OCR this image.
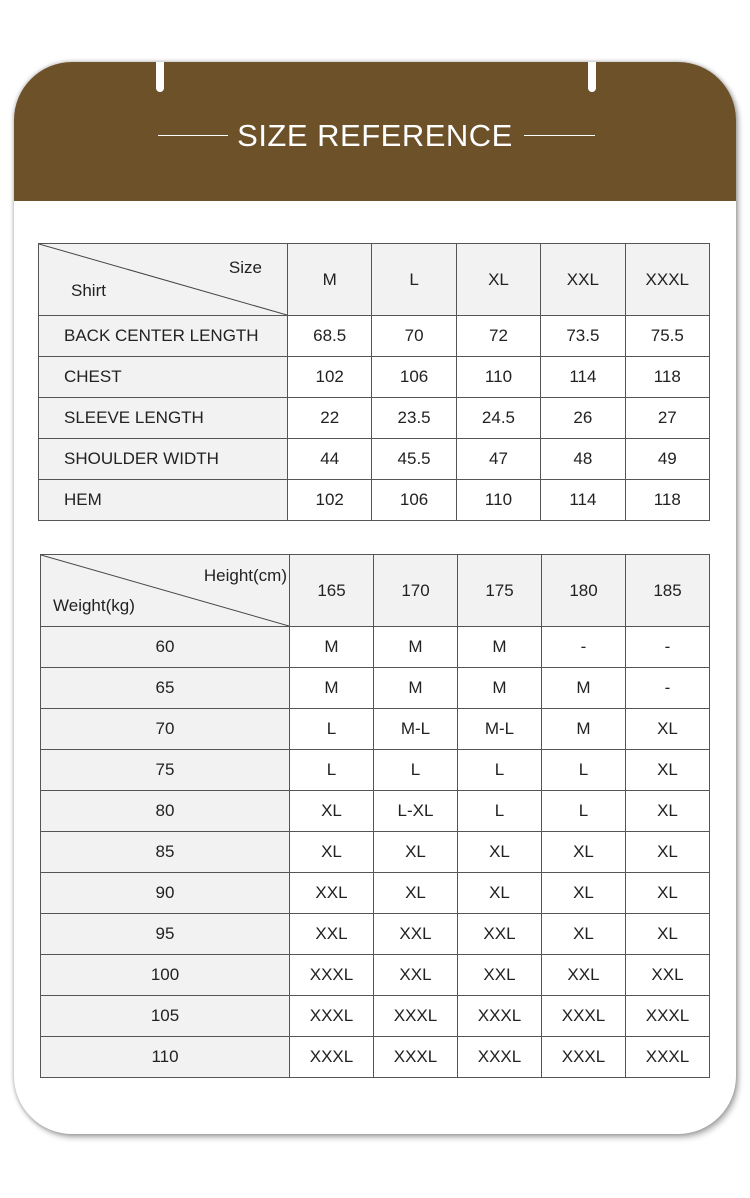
SIZE REFERENCE
Size
Shirt	M	L	XL	XXL	XXXL
BACK CENTER LENGTH	68.5	70	72	73.5	75.5
CHEST	102	106	110	114	118
SLEEVE LENGTH	22	23.5	24.5	26	27
SHOULDER WIDTH	44	45.5	47	48	49
HEM	102	106	110	114	118
Height(cm)
Weight(kg)	165	170	175	180	185
60	M	M	M	-	-
65	M	M	M	M	-
70	L	M-L	M-L	M	XL
75	L	L	L	L	XL
80	XL	L-XL	L	L	XL
85	XL	XL	XL	XL	XL
90	XXL	XL	XL	XL	XL
95	XXL	XXL	XXL	XL	XL
100	XXXL	XXL	XXL	XXL	XXL
105	XXXL	XXXL	XXXL	XXXL	XXXL
110	XXXL	XXXL	XXXL	XXXL	XXXL
